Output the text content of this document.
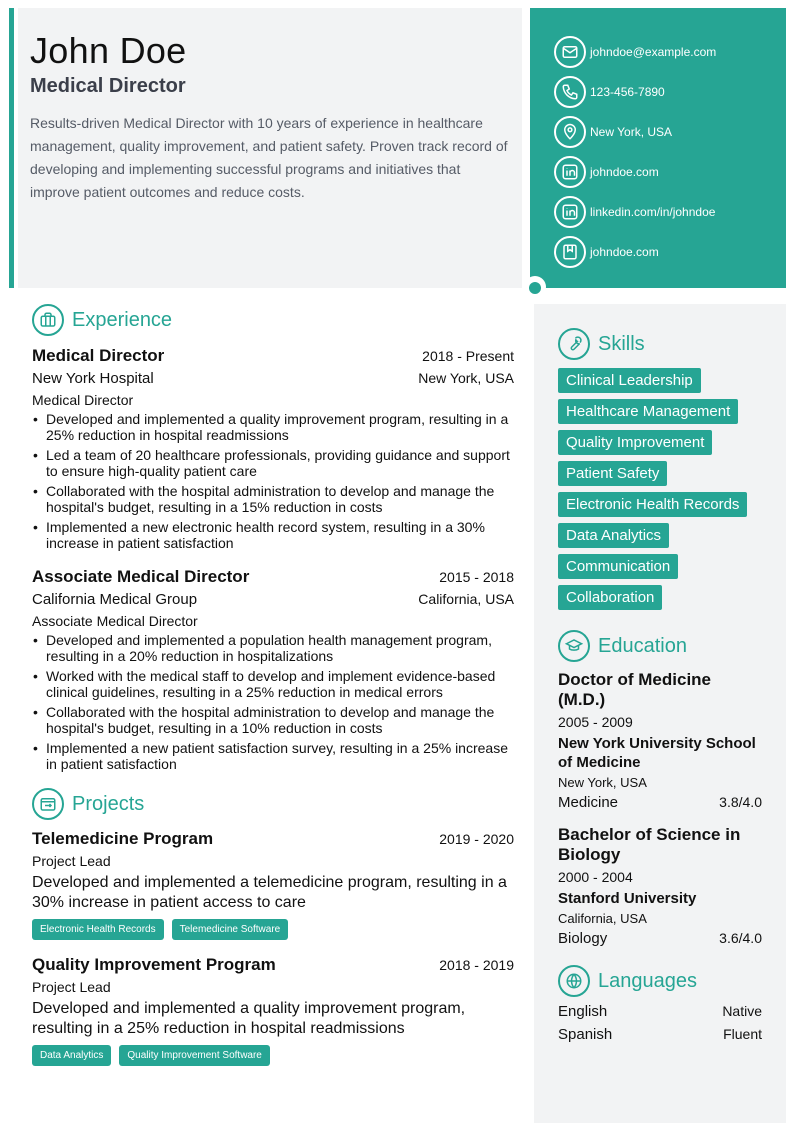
John Doe
Medical Director

Results-driven Medical Director with 10 years of experience in healthcare management, quality improvement, and patient safety. Proven track record of developing and implementing successful programs and initiatives that improve patient outcomes and reduce costs.

johndoe@example.com
123-456-7890
New York, USA
johndoe.com
linkedin.com/in/johndoe
johndoe.com
Experience
Medical Director	2018 - Present
New York Hospital	New York, USA
Medical Director
• Developed and implemented a quality improvement program, resulting in a 25% reduction in hospital readmissions
• Led a team of 20 healthcare professionals, providing guidance and support to ensure high-quality patient care
• Collaborated with the hospital administration to develop and manage the hospital's budget, resulting in a 15% reduction in costs
• Implemented a new electronic health record system, resulting in a 30% increase in patient satisfaction
Associate Medical Director	2015 - 2018
California Medical Group	California, USA
Associate Medical Director
• Developed and implemented a population health management program, resulting in a 20% reduction in hospitalizations
• Worked with the medical staff to develop and implement evidence-based clinical guidelines, resulting in a 25% reduction in medical errors
• Collaborated with the hospital administration to develop and manage the hospital's budget, resulting in a 10% reduction in costs
• Implemented a new patient satisfaction survey, resulting in a 25% increase in patient satisfaction
Projects
Telemedicine Program	2019 - 2020
Project Lead
Developed and implemented a telemedicine program, resulting in a 30% increase in patient access to care
Electronic Health Records	Telemedicine Software
Quality Improvement Program	2018 - 2019
Project Lead
Developed and implemented a quality improvement program, resulting in a 25% reduction in hospital readmissions
Data Analytics	Quality Improvement Software
Skills
Clinical Leadership
Healthcare Management
Quality Improvement
Patient Safety
Electronic Health Records
Data Analytics
Communication
Collaboration
Education
Doctor of Medicine (M.D.)
2005 - 2009
New York University School of Medicine
New York, USA
Medicine	3.8/4.0
Bachelor of Science in Biology
2000 - 2004
Stanford University
California, USA
Biology	3.6/4.0
Languages
English	Native
Spanish	Fluent
